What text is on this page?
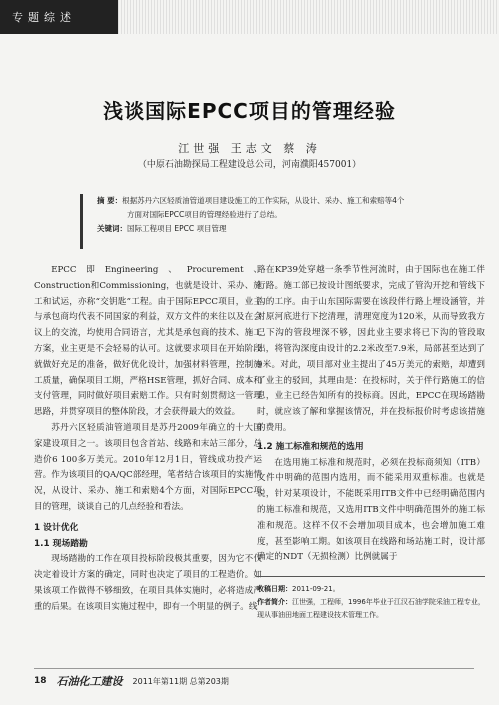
专题综述
浅谈国际EPCC项目的管理经验
江世强 王志文 蔡 涛
（中原石油勘探局工程建设总公司，河南濮阳457001）
摘 要：根据苏丹六区轻质油管道项目建设施工的工作实际，从设计、采办、施工和索赔等4个
方面对国际EPCC项目的管理经验进行了总结。
关键词：国际工程项目 EPCC 项目管理

EPCC即Engineering、Procurement、Construction和Commissioning，也就是设计、采办、施工和试运，亦称“交钥匙”工程。由于国际EPCC项目，业主与承包商均代表不同国家的利益，双方文件的来往以及在会议上的交流，均使用合同语言，尤其是承包商的技术、施工方案，业主更是不会轻易的认可。这就要求项目在开始阶段就做好充足的准备，做好优化设计，加强材料管理，控制施工质量，确保项目工期，严格HSE管理，抓好合同、成本和支付管理，同时做好项目索赔工作。只有时刻贯彻这一管理思路，并贯穿项目的整体阶段，才会获得最大的效益。

苏丹六区轻质油管道项目是苏丹2009年确立的十大国家建设项目之一。该项目包含首站、线路和末站三部分，总造价6 100多万美元。2010年12月1日，管线成功投产运营。作为该项目的QA/QC部经理，笔者结合该项目的实施情况，从设计、采办、施工和索赔4个方面，对国际EPCC项目的管理，谈谈自己的几点经验和看法。

1 设计优化
1.1 现场踏勘

现场踏勘的工作在项目投标阶段极其重要，因为它不仅决定着设计方案的确定，同时也决定了项目的工程造价。如果该项工作做得不够细致，在项目具体实施时，必将造成严重的后果。在该项目实施过程中，即有一个明显的例子。线

路在KP39处穿越一条季节性河流时，由于国际也在施工伴行路。施工部已按设计图纸要求，完成了管沟开挖和管线下沟的工序。由于山东国际需要在该段伴行路上埋设涵管，并对原河底进行下挖清理，清理宽度为120米，从而导致我方已下沟的管段埋深不够，因此业主要求将已下沟的管段取出，将管沟深度由设计的2.2米改至7.9米，局部甚至达到了9米。对此，项目部对业主提出了45万美元的索赔，却遭到了业主的驳回，其理由是：在投标时，关于伴行路施工的信息，业主已经告知所有的投标商。因此，EPCC在现场踏勘时，就应该了解和掌握该情况，并在投标报价时考虑该措施的费用。

1.2 施工标准和规范的选用

在选用施工标准和规范时，必须在投标商须知（ITB）文件中明确的范围内选用，而不能采用双重标准。也就是说，针对某项设计，不能既采用ITB文件中已经明确范围内的施工标准和规范，又选用ITB文件中明确范围外的施工标准和规范。这样不仅不会增加项目成本，也会增加施工难度，甚至影响工期。如该项目在线路和场站施工时，设计部确定的NDT（无损检测）比例就属于

收稿日期：2011-09-21。
作者简介：江世强，工程师，1996年毕业于江汉石油学院采油工程专业，现从事油田地面工程建设技术管理工作。
18 石油化工建设 2011年第11期 总第203期
